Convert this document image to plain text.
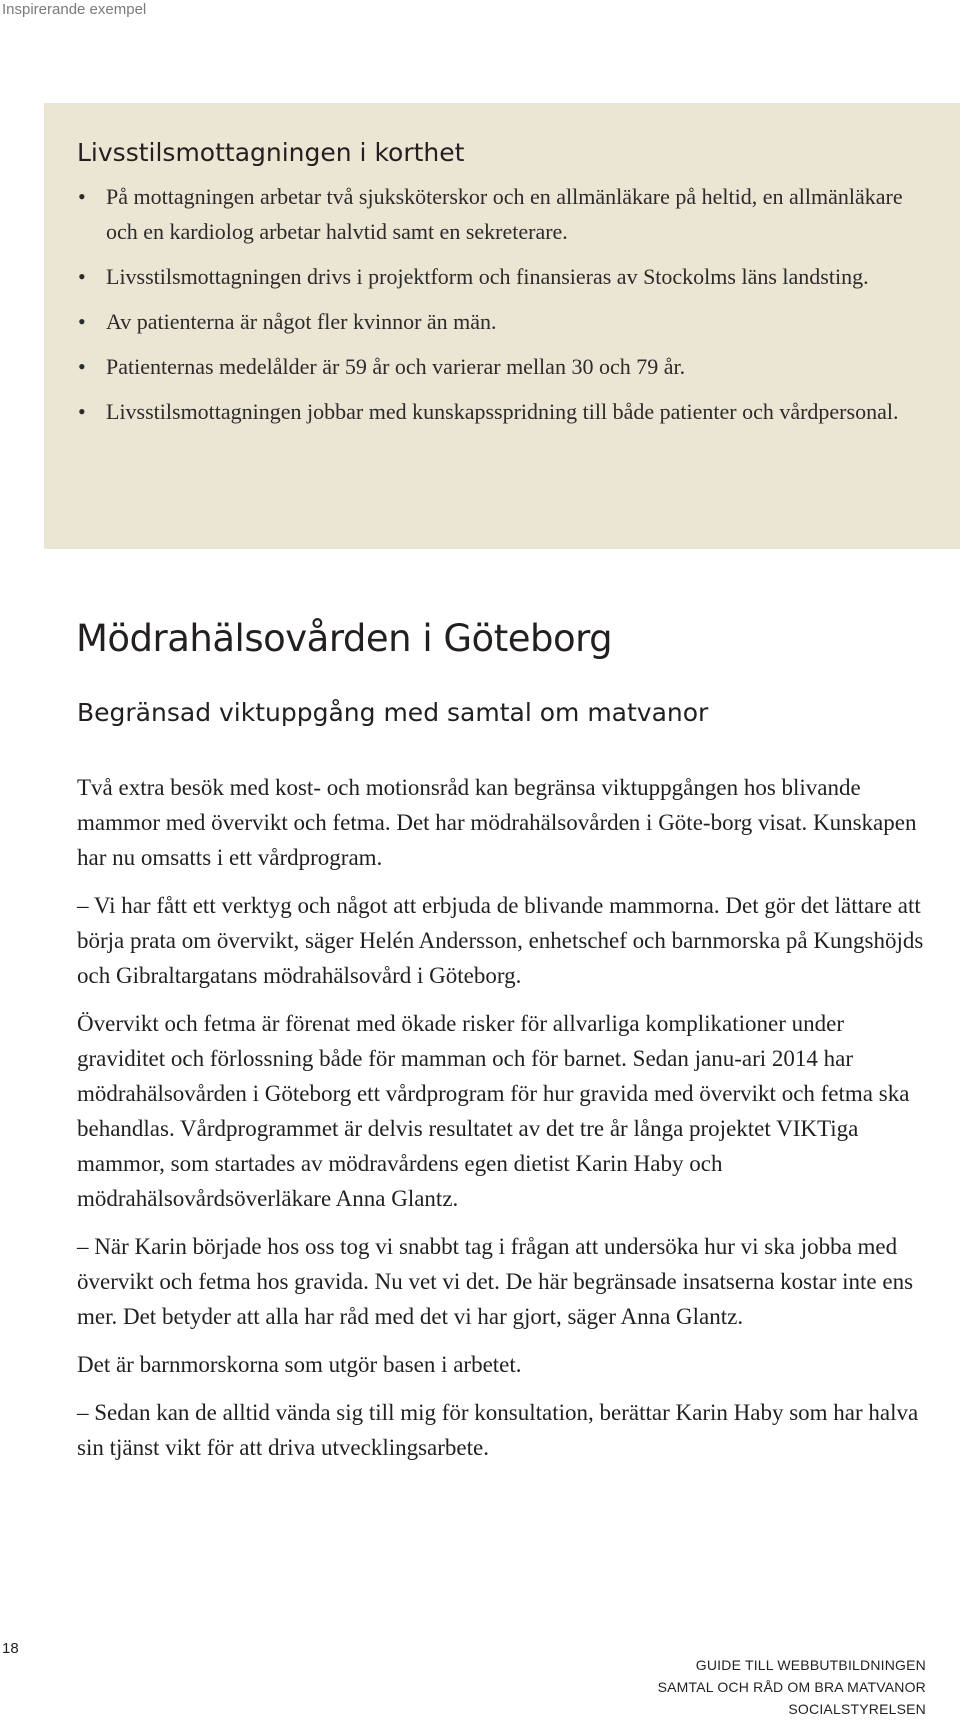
Inspirerande exempel
Livsstilsmottagningen i korthet
• På mottagningen arbetar två sjuksköterskor och en allmänläkare på heltid, en allmänläkare och en kardiolog arbetar halvtid samt en sekreterare.
• Livsstilsmottagningen drivs i projektform och finansieras av Stockolms läns landsting.
• Av patienterna är något fler kvinnor än män.
• Patienternas medelålder är 59 år och varierar mellan 30 och 79 år.
• Livsstilsmottagningen jobbar med kunskapsspridning till både patienter och vårdpersonal.
Mödrahälsovården i Göteborg
Begränsad viktuppgång med samtal om matvanor

Två extra besök med kost- och motionsråd kan begränsa viktuppgången hos blivande mammor med övervikt och fetma. Det har mödrahälsovården i Göte-borg visat. Kunskapen har nu omsatts i ett vårdprogram.

– Vi har fått ett verktyg och något att erbjuda de blivande mammorna. Det gör det lättare att börja prata om övervikt, säger Helén Andersson, enhetschef och barnmorska på Kungshöjds och Gibraltargatans mödrahälsovård i Göteborg.

Övervikt och fetma är förenat med ökade risker för allvarliga komplikationer under graviditet och förlossning både för mamman och för barnet. Sedan janu-ari 2014 har mödrahälsovården i Göteborg ett vårdprogram för hur gravida med övervikt och fetma ska behandlas. Vårdprogrammet är delvis resultatet av det tre år långa projektet VIKTiga mammor, som startades av mödravårdens egen dietist Karin Haby och mödrahälsovårdsöverläkare Anna Glantz.

– När Karin började hos oss tog vi snabbt tag i frågan att undersöka hur vi ska jobba med övervikt och fetma hos gravida. Nu vet vi det. De här begränsade insatserna kostar inte ens mer. Det betyder att alla har råd med det vi har gjort, säger Anna Glantz.

Det är barnmorskorna som utgör basen i arbetet.

– Sedan kan de alltid vända sig till mig för konsultation, berättar Karin Haby som har halva sin tjänst vikt för att driva utvecklingsarbete.

18
GUIDE TILL WEBBUTBILDNINGEN
SAMTAL OCH RÅD OM BRA MATVANOR
SOCIALSTYRELSEN
